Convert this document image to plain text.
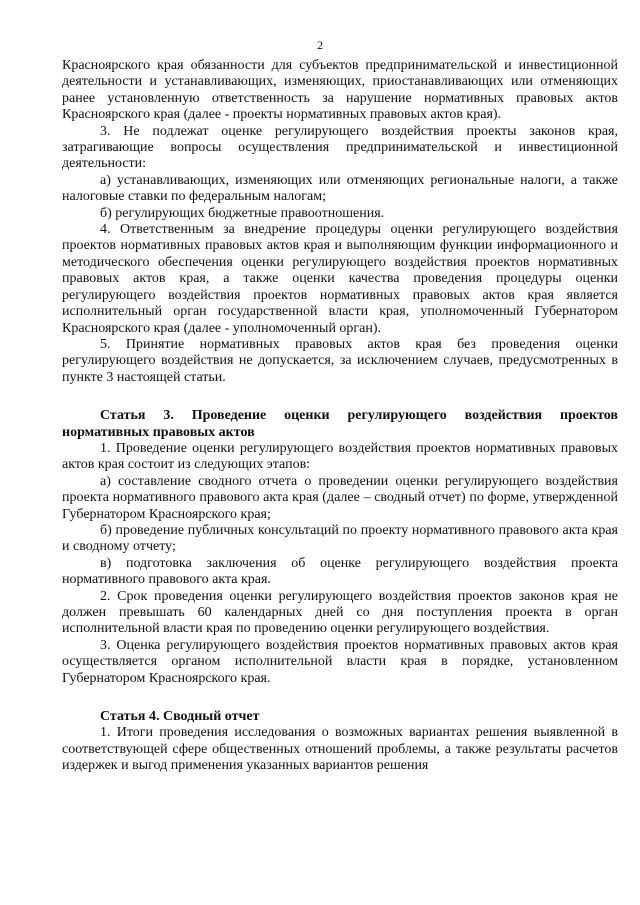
2

Красноярского края обязанности для субъектов предпринимательской и инвестиционной деятельности и устанавливающих, изменяющих, приостанавливающих или отменяющих ранее установленную ответственность за нарушение нормативных правовых актов Красноярского края (далее - проекты нормативных правовых актов края).

3. Не подлежат оценке регулирующего воздействия проекты законов края, затрагивающие вопросы осуществления предпринимательской и инвестиционной деятельности:

а) устанавливающих, изменяющих или отменяющих региональные налоги, а также налоговые ставки по федеральным налогам;

б) регулирующих бюджетные правоотношения.

4. Ответственным за внедрение процедуры оценки регулирующего воздействия проектов нормативных правовых актов края и выполняющим функции информационного и методического обеспечения оценки регулирующего воздействия проектов нормативных правовых актов края, а также оценки качества проведения процедуры оценки регулирующего воздействия проектов нормативных правовых актов края является исполнительный орган государственной власти края, уполномоченный Губернатором Красноярского края (далее - уполномоченный орган).

5. Принятие нормативных правовых актов края без проведения оценки регулирующего воздействия не допускается, за исключением случаев, предусмотренных в пункте 3 настоящей статьи.

Статья 3. Проведение оценки регулирующего воздействия проектов нормативных правовых актов

1. Проведение оценки регулирующего воздействия проектов нормативных правовых актов края состоит из следующих этапов:

а) составление сводного отчета о проведении оценки регулирующего воздействия проекта нормативного правового акта края (далее – сводный отчет) по форме, утвержденной Губернатором Красноярского края;

б) проведение публичных консультаций по проекту нормативного правового акта края и сводному отчету;

в) подготовка заключения об оценке регулирующего воздействия проекта нормативного правового акта края.

2. Срок проведения оценки регулирующего воздействия проектов законов края не должен превышать 60 календарных дней со дня поступления проекта в орган исполнительной власти края по проведению оценки регулирующего воздействия.

3. Оценка регулирующего воздействия проектов нормативных правовых актов края осуществляется органом исполнительной власти края в порядке, установленном Губернатором Красноярского края.

Статья 4. Сводный отчет

1. Итоги проведения исследования о возможных вариантах решения выявленной в соответствующей сфере общественных отношений проблемы, а также результаты расчетов издержек и выгод применения указанных вариантов решения
